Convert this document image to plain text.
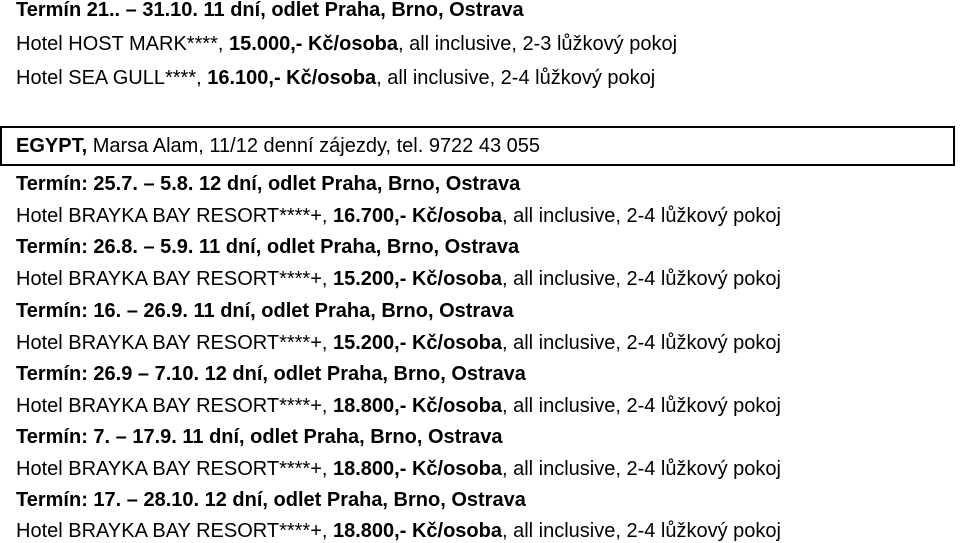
Termín 21.. – 31.10. 11 dní, odlet Praha, Brno, Ostrava
Hotel HOST MARK****, 15.000,- Kč/osoba, all inclusive, 2-3 lůžkový pokoj
Hotel SEA GULL****, 16.100,- Kč/osoba, all inclusive, 2-4 lůžkový pokoj
EGYPT, Marsa Alam, 11/12 denní zájezdy, tel. 9722 43 055
Termín: 25.7. – 5.8. 12 dní, odlet Praha, Brno, Ostrava
Hotel BRAYKA BAY RESORT****+, 16.700,- Kč/osoba, all inclusive, 2-4 lůžkový pokoj
Termín: 26.8. – 5.9. 11 dní, odlet Praha, Brno, Ostrava
Hotel BRAYKA BAY RESORT****+, 15.200,- Kč/osoba, all inclusive, 2-4 lůžkový pokoj
Termín: 16. – 26.9. 11 dní, odlet Praha, Brno, Ostrava
Hotel BRAYKA BAY RESORT****+, 15.200,- Kč/osoba, all inclusive, 2-4 lůžkový pokoj
Termín: 26.9 – 7.10. 12 dní, odlet Praha, Brno, Ostrava
Hotel BRAYKA BAY RESORT****+, 18.800,- Kč/osoba, all inclusive, 2-4 lůžkový pokoj
Termín: 7. – 17.9. 11 dní, odlet Praha, Brno, Ostrava
Hotel BRAYKA BAY RESORT****+, 18.800,- Kč/osoba, all inclusive, 2-4 lůžkový pokoj
Termín: 17. – 28.10. 12 dní, odlet Praha, Brno, Ostrava
Hotel BRAYKA BAY RESORT****+, 18.800,- Kč/osoba, all inclusive, 2-4 lůžkový pokoj
